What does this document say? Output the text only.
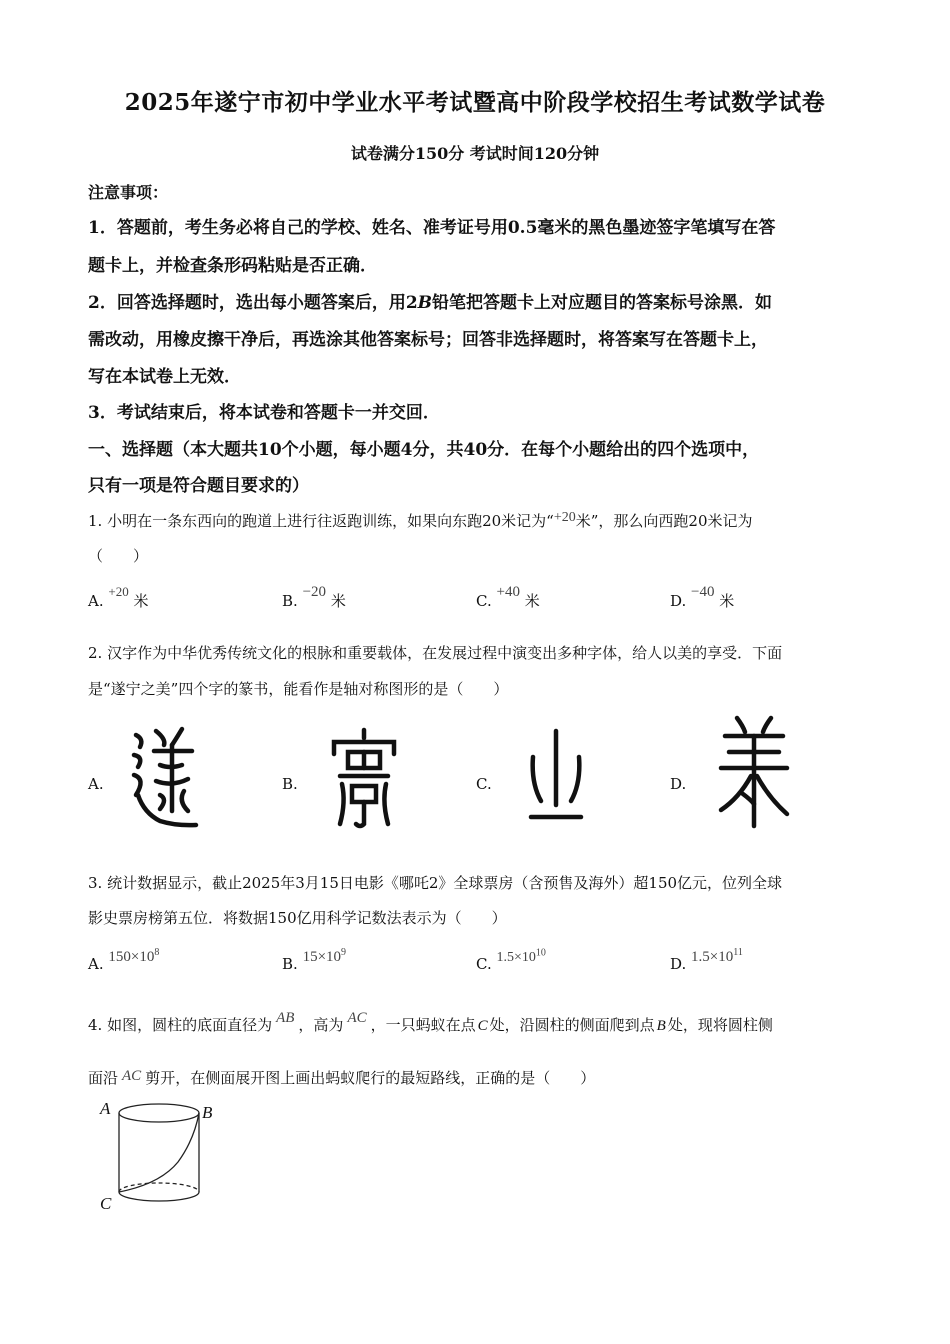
2025年遂宁市初中学业水平考试暨高中阶段学校招生考试数学试卷
试卷满分150分 考试时间120分钟
注意事项：
1．答题前，考生务必将自己的学校、姓名、准考证号用0.5毫米的黑色墨迹签字笔填写在答
题卡上，并检查条形码粘贴是否正确．
2．回答选择题时，选出每小题答案后，用2B铅笔把答题卡上对应题目的答案标号涂黑．如
需改动，用橡皮擦干净后，再选涂其他答案标号；回答非选择题时，将答案写在答题卡上，
写在本试卷上无效．
3．考试结束后，将本试卷和答题卡一并交回．
一、选择题（本大题共10个小题，每小题4分，共40分．在每个小题给出的四个选项中，
只有一项是符合题目要求的）
1. 小明在一条东西向的跑道上进行往返跑训练，如果向东跑20米记为“+20米”，那么向西跑20米记为
（　　）
A. +20 米	B. −20 米	C. +40 米	D. −40 米
2. 汉字作为中华优秀传统文化的根脉和重要载体，在发展过程中演变出多种字体，给人以美的享受．下面
是“遂宁之美”四个字的篆书，能看作是轴对称图形的是（　　）
A.	B.	C.	D.
3. 统计数据显示，截止2025年3月15日电影《哪吒2》全球票房（含预售及海外）超150亿元，位列全球
影史票房榜第五位．将数据150亿用科学记数法表示为（　　）
A. $150\times 10^8$
B. $15\times 10^9$
C. $1.5\times 10^{10}$
D. $1.5\times 10^{11}$
4. 如图，圆柱的底面直径为 AB ，高为 AC ，一只蚂蚁在点 C 处，沿圆柱的侧面爬到点 B 处，现将圆柱侧
面沿 AC 剪开，在侧面展开图上画出蚂蚁爬行的最短路线，正确的是（　　）
A	B
C
